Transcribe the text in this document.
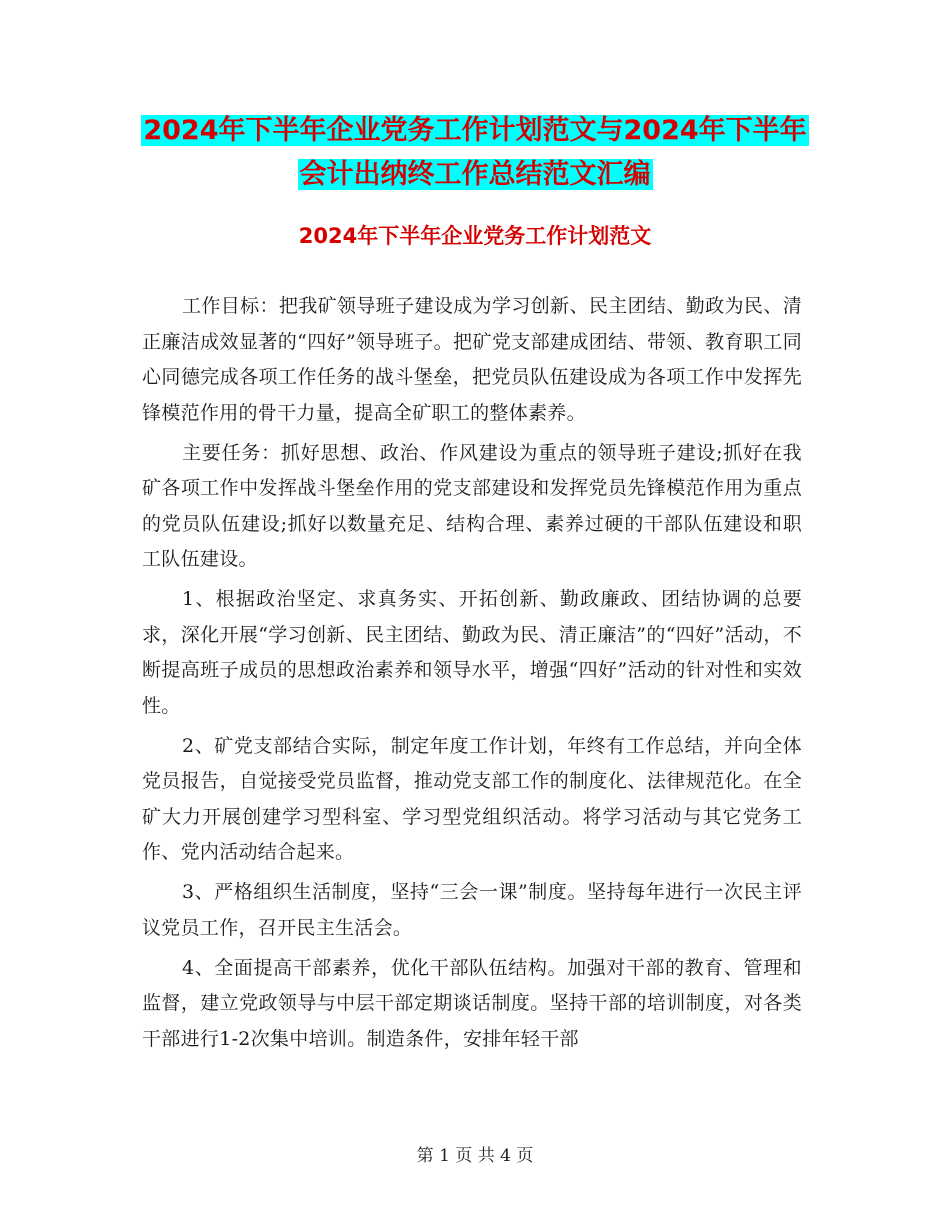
2024年下半年企业党务工作计划范文与2024年下半年
会计出纳终工作总结范文汇编
2024年下半年企业党务工作计划范文

工作目标：把我矿领导班子建设成为学习创新、民主团结、勤政为民、清正廉洁成效显著的“四好”领导班子。把矿党支部建成团结、带领、教育职工同心同德完成各项工作任务的战斗堡垒，把党员队伍建设成为各项工作中发挥先锋模范作用的骨干力量，提高全矿职工的整体素养。

主要任务：抓好思想、政治、作风建设为重点的领导班子建设;抓好在我矿各项工作中发挥战斗堡垒作用的党支部建设和发挥党员先锋模范作用为重点的党员队伍建设;抓好以数量充足、结构合理、素养过硬的干部队伍建设和职工队伍建设。

1、根据政治坚定、求真务实、开拓创新、勤政廉政、团结协调的总要求，深化开展“学习创新、民主团结、勤政为民、清正廉洁”的“四好”活动，不断提高班子成员的思想政治素养和领导水平，增强“四好”活动的针对性和实效性。

2、矿党支部结合实际，制定年度工作计划，年终有工作总结，并向全体党员报告，自觉接受党员监督，推动党支部工作的制度化、法律规范化。在全矿大力开展创建学习型科室、学习型党组织活动。将学习活动与其它党务工作、党内活动结合起来。

3、严格组织生活制度，坚持“三会一课”制度。坚持每年进行一次民主评议党员工作，召开民主生活会。

4、全面提高干部素养，优化干部队伍结构。加强对干部的教育、管理和监督，建立党政领导与中层干部定期谈话制度。坚持干部的培训制度，对各类干部进行1-2次集中培训。制造条件，安排年轻干部

第 1 页 共 4 页
